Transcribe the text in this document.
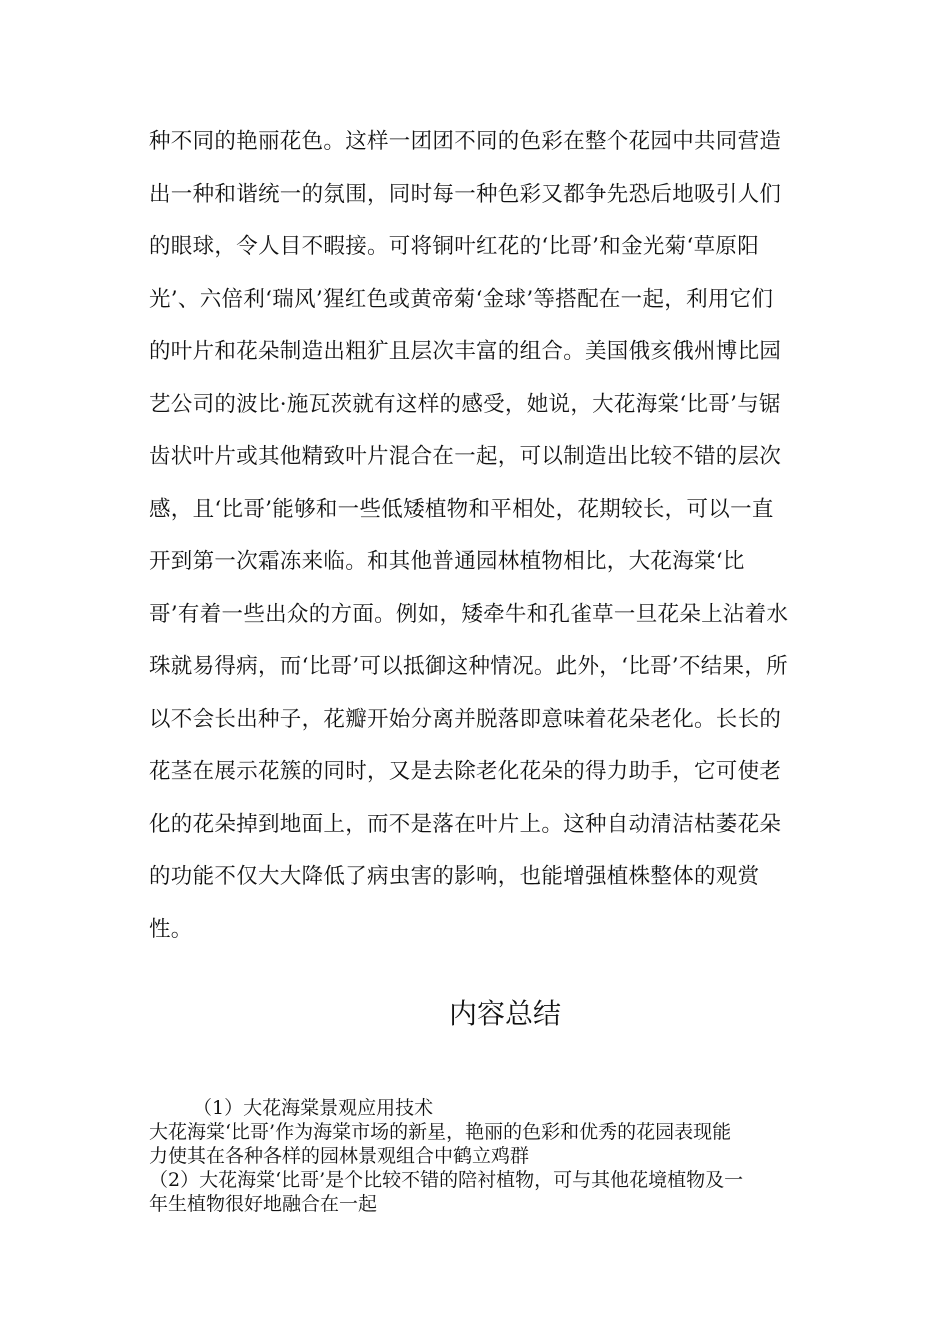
种不同的艳丽花色。这样一团团不同的色彩在整个花园中共同营造
出一种和谐统一的氛围，同时每一种色彩又都争先恐后地吸引人们
的眼球，令人目不暇接。可将铜叶红花的‘比哥’和金光菊‘草原阳
光’、六倍利‘瑞风’猩红色或黄帝菊‘金球’等搭配在一起，利用它们
的叶片和花朵制造出粗犷且层次丰富的组合。美国俄亥俄州博比园
艺公司的波比·施瓦茨就有这样的感受，她说，大花海棠‘比哥’与锯
齿状叶片或其他精致叶片混合在一起，可以制造出比较不错的层次
感，且‘比哥’能够和一些低矮植物和平相处，花期较长，可以一直
开到第一次霜冻来临。和其他普通园林植物相比，大花海棠‘比
哥’有着一些出众的方面。例如，矮牵牛和孔雀草一旦花朵上沾着水
珠就易得病，而‘比哥’可以抵御这种情况。此外，‘比哥’不结果，所
以不会长出种子，花瓣开始分离并脱落即意味着花朵老化。长长的
花茎在展示花簇的同时，又是去除老化花朵的得力助手，它可使老
化的花朵掉到地面上，而不是落在叶片上。这种自动清洁枯萎花朵
的功能不仅大大降低了病虫害的影响，也能增强植株整体的观赏
性。
内容总结
（1）大花海棠景观应用技术
大花海棠‘比哥’作为海棠市场的新星，艳丽的色彩和优秀的花园表现能
力使其在各种各样的园林景观组合中鹤立鸡群
（2）大花海棠‘比哥’是个比较不错的陪衬植物，可与其他花境植物及一
年生植物很好地融合在一起
